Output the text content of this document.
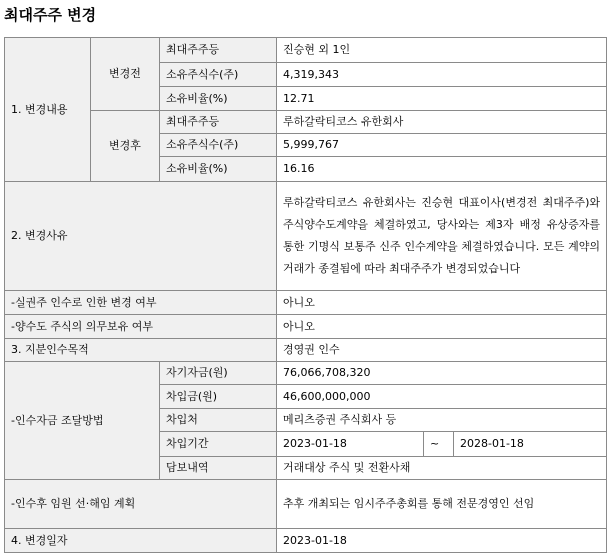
최대주주 변경
1. 변경내용	변경전	최대주주등	진승현 외 1인		
		소유주식수(주)	4,319,343		
		소유비율(%)	12.71		
	변경후	최대주주등	루하갈락티코스 유한회사		
		소유주식수(주)	5,999,767		
		소유비율(%)	16.16		
2. 변경사유			루하갈락티코스 유한회사는 진승현 대표이사(변경전 최대주주)와 주식양수도계약을 체결하였고, 당사와는 제3자 배정 유상증자를 통한 기명식 보통주 신주 인수계약을 체결하였습니다. 모든 계약의 거래가 종결됨에 따라 최대주주가 변경되었습니다		
-실권주 인수로 인한 변경 여부			아니오		
-양수도 주식의 의무보유 여부			아니오		
3. 지분인수목적			경영권 인수		
-인수자금 조달방법		자기자금(원)	76,066,708,320		
		차입금(원)	46,600,000,000		
		차입처	메리츠증권 주식회사 등		
		차입기간	2023-01-18	~	2028-01-18
		담보내역	거래대상 주식 및 전환사채		
-인수후 임원 선·해임 계획			추후 개최되는 임시주주총회를 통해 전문경영인 선임		
4. 변경일자			2023-01-18		
